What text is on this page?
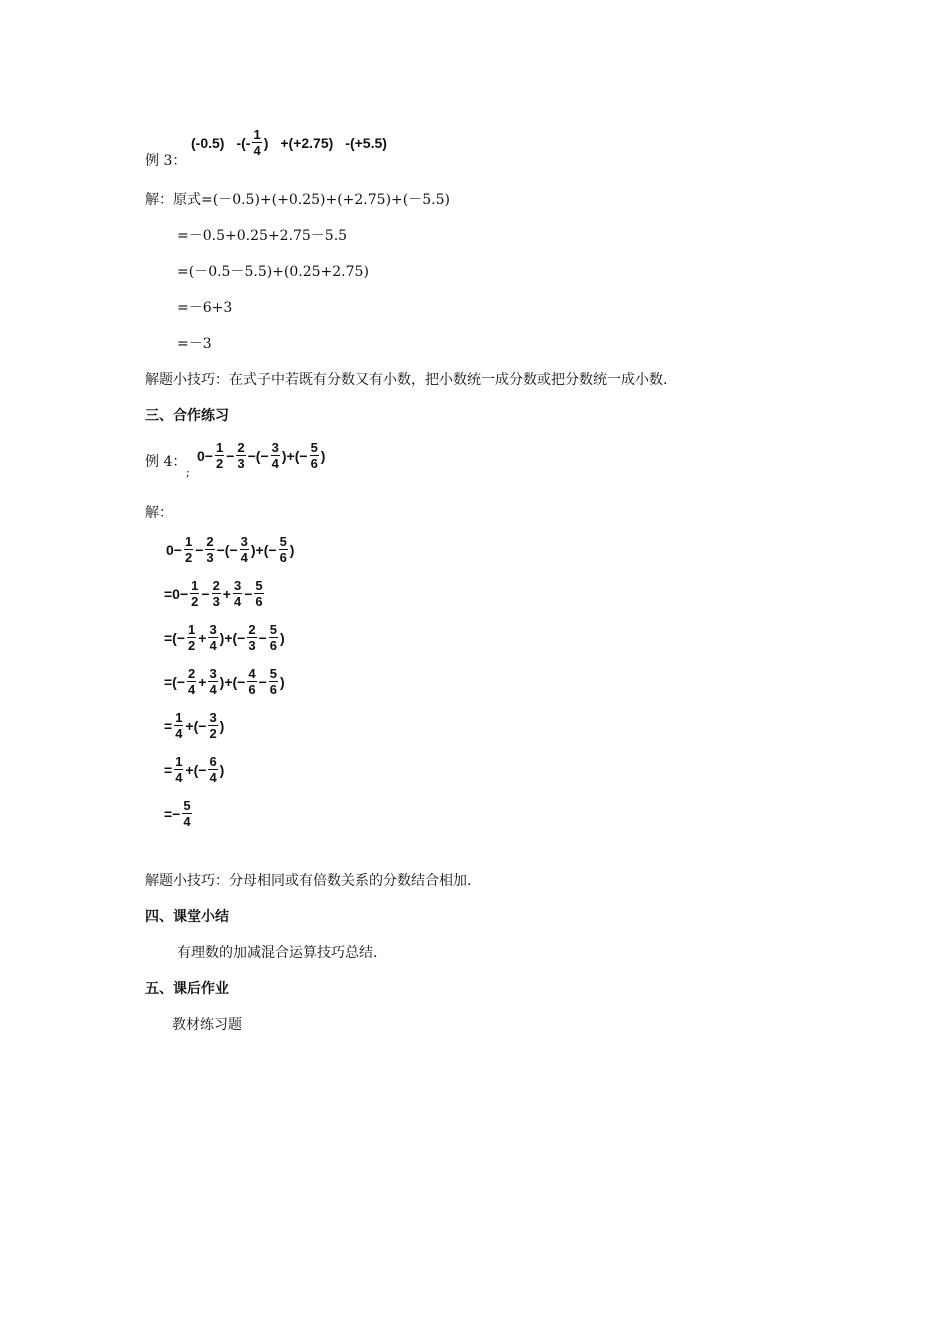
例 3：
(-0.5) -(- $\frac{1}{4}$ ) +(+2.75) -(+5.5)
解：原式=(－0.5)+(+0.25)+(+2.75)+(－5.5)
=－0.5+0.25+2.75－5.5
=(－0.5－5.5)+(0.25+2.75)
=－6+3
=－3
解题小技巧：在式子中若既有分数又有小数，把小数统一成分数或把分数统一成小数.
三、合作练习
例 4：
;
$0- \frac{1}{2} - \frac{2}{3}$ −(− $\frac{3}{4}$ )+(− $\frac{5}{6}$ )
解：
$0- \frac{1}{2} - \frac{2}{3}$ −(− $\frac{3}{4}$ )+(− $\frac{5}{6}$ )
$=0- \frac{1}{2} - \frac{2}{3} + \frac{3}{4} - \frac{5}{6}$
=(− $\frac{1}{2} + \frac{3}{4}$ )+(− $\frac{2}{3} - \frac{5}{6}$ )
=(− $\frac{2}{4} + \frac{3}{4}$ )+(− $\frac{4}{6} - \frac{5}{6}$ )
= $\frac{1}{4}$ +(− $\frac{3}{2}$ )
= $\frac{1}{4}$ +(− $\frac{6}{4}$ )
=− $\frac{5}{4}$
解题小技巧：分母相同或有倍数关系的分数结合相加.
四、课堂小结
有理数的加减混合运算技巧总结.
五、课后作业
教材练习题
